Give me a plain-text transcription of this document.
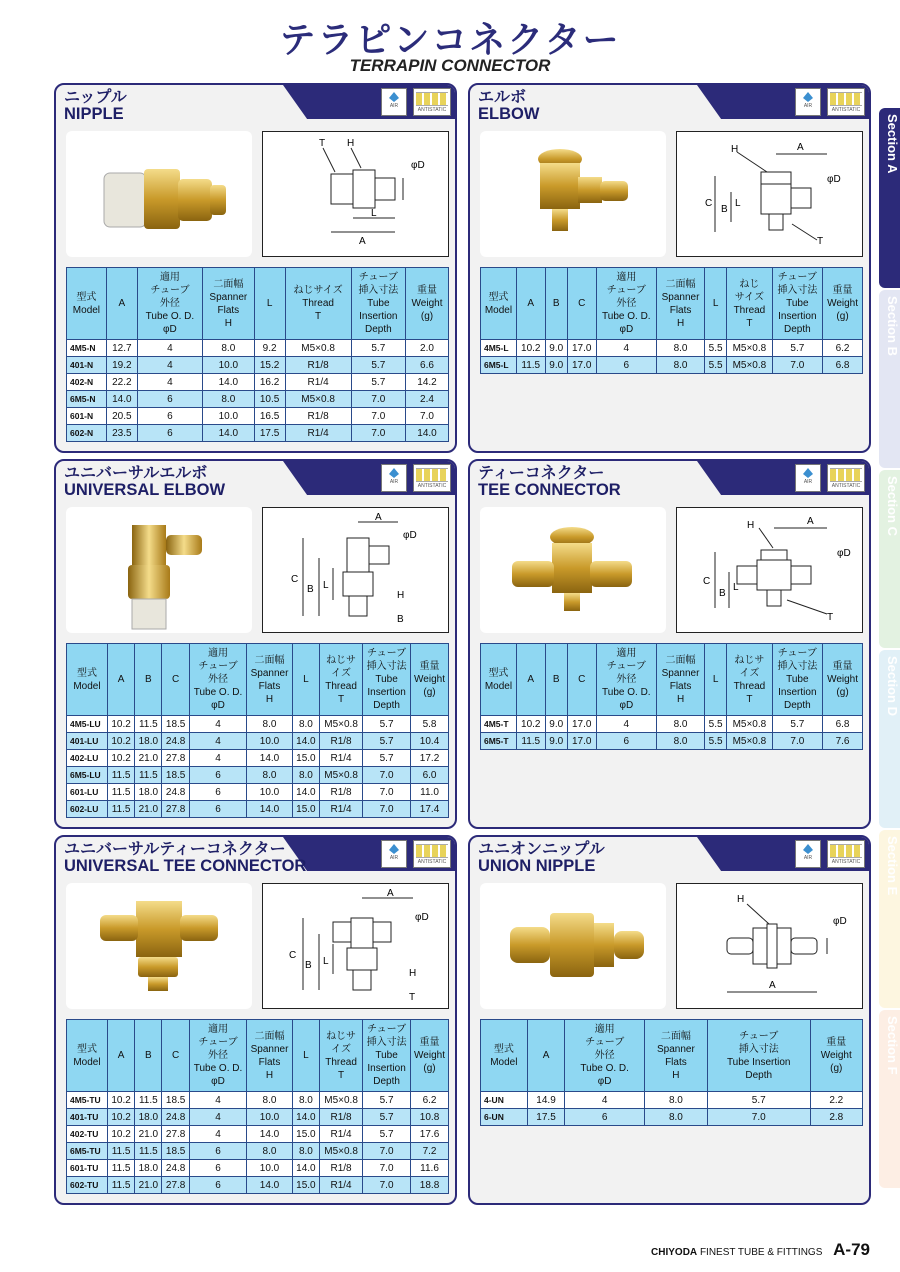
テラピンコネクター
TERRAPIN CONNECTOR
Section A
Section B
Section C
Section D
Section E
Section F
ニップル
NIPPLE	AIR
ANTISTATIC
T H
φD
L
A
型式
Model	A	適用
チューブ
外径
Tube O. D.
φD	二面幅
Spanner
Flats
H	L	ねじサイズ
Thread
T	チューブ
挿入寸法
Tube
Insertion
Depth	重量
Weight
(g)
4M5-N	12.7	4	8.0	9.2	M5×0.8	5.7	2.0
401-N	19.2	4	10.0	15.2	R1/8	5.7	6.6
402-N	22.2	4	14.0	16.2	R1/4	5.7	14.2
6M5-N	14.0	6	8.0	10.5	M5×0.8	7.0	2.4
601-N	20.5	6	10.0	16.5	R1/8	7.0	7.0
602-N	23.5	6	14.0	17.5	R1/4	7.0	14.0
エルボ
ELBOW	AIR
ANTISTATIC
H	A
φD
C
B
L
T
型式
Model	A	B	C	適用
チューブ
外径
Tube O. D.
φD	二面幅
Spanner
Flats
H	L	ねじ
サイズ
Thread
T	チューブ
挿入寸法
Tube
Insertion
Depth	重量
Weight
(g)
4M5-L	10.2	9.0	17.0	4	8.0	5.5	M5×0.8	5.7	6.2
6M5-L	11.5	9.0	17.0	6	8.0	5.5	M5×0.8	7.0	6.8
ユニバーサルエルボ
UNIVERSAL ELBOW	AIR
ANTISTATIC
A
φD
C
B L
H
B
型式
Model	A	B	C	適用
チューブ
外径
Tube O. D.
φD	二面幅
Spanner
Flats
H	L	ねじサ
イズ
Thread
T	チューブ
挿入寸法
Tube
Insertion
Depth	重量
Weight
(g)
4M5-LU	10.2	11.5	18.5	4	8.0	8.0	M5×0.8	5.7	5.8
401-LU	10.2	18.0	24.8	4	10.0	14.0	R1/8	5.7	10.4
402-LU	10.2	21.0	27.8	4	14.0	15.0	R1/4	5.7	17.2
6M5-LU	11.5	11.5	18.5	6	8.0	8.0	M5×0.8	7.0	6.0
601-LU	11.5	18.0	24.8	6	10.0	14.0	R1/8	7.0	11.0
602-LU	11.5	21.0	27.8	6	14.0	15.0	R1/4	7.0	17.4
ティーコネクター
TEE CONNECTOR	AIR
ANTISTATIC
H	A
φD
C
B
L
T
型式
Model	A	B	C	適用
チューブ
外径
Tube O. D.
φD	二面幅
Spanner
Flats
H	L	ねじサ
イズ
Thread
T	チューブ
挿入寸法
Tube
Insertion
Depth	重量
Weight
(g)
4M5-T	10.2	9.0	17.0	4	8.0	5.5	M5×0.8	5.7	6.8
6M5-T	11.5	9.0	17.0	6	8.0	5.5	M5×0.8	7.0	7.6
ユニバーサルティーコネクター
UNIVERSAL TEE CONNECTOR	AIR
ANTISTATIC
A
φD
C
B L
H
T
型式
Model	A	B	C	適用
チューブ
外径
Tube O. D.
φD	二面幅
Spanner
Flats
H	L	ねじサ
イズ
Thread
T	チューブ
挿入寸法
Tube
Insertion
Depth	重量
Weight
(g)
4M5-TU	10.2	11.5	18.5	4	8.0	8.0	M5×0.8	5.7	6.2
401-TU	10.2	18.0	24.8	4	10.0	14.0	R1/8	5.7	10.8
402-TU	10.2	21.0	27.8	4	14.0	15.0	R1/4	5.7	17.6
6M5-TU	11.5	11.5	18.5	6	8.0	8.0	M5×0.8	7.0	7.2
601-TU	11.5	18.0	24.8	6	10.0	14.0	R1/8	7.0	11.6
602-TU	11.5	21.0	27.8	6	14.0	15.0	R1/4	7.0	18.8
ユニオンニップル
UNION NIPPLE	AIR
ANTISTATIC
H
φD
A
型式
Model	A	適用
チューブ
外径
Tube O. D.
φD	二面幅
Spanner
Flats
H	チューブ
挿入寸法
Tube Insertion
Depth	重量
Weight
(g)
4-UN	14.9	4	8.0	5.7	2.2
6-UN	17.5	6	8.0	7.0	2.8
CHIYODA FINEST TUBE & FITTINGS A-79
